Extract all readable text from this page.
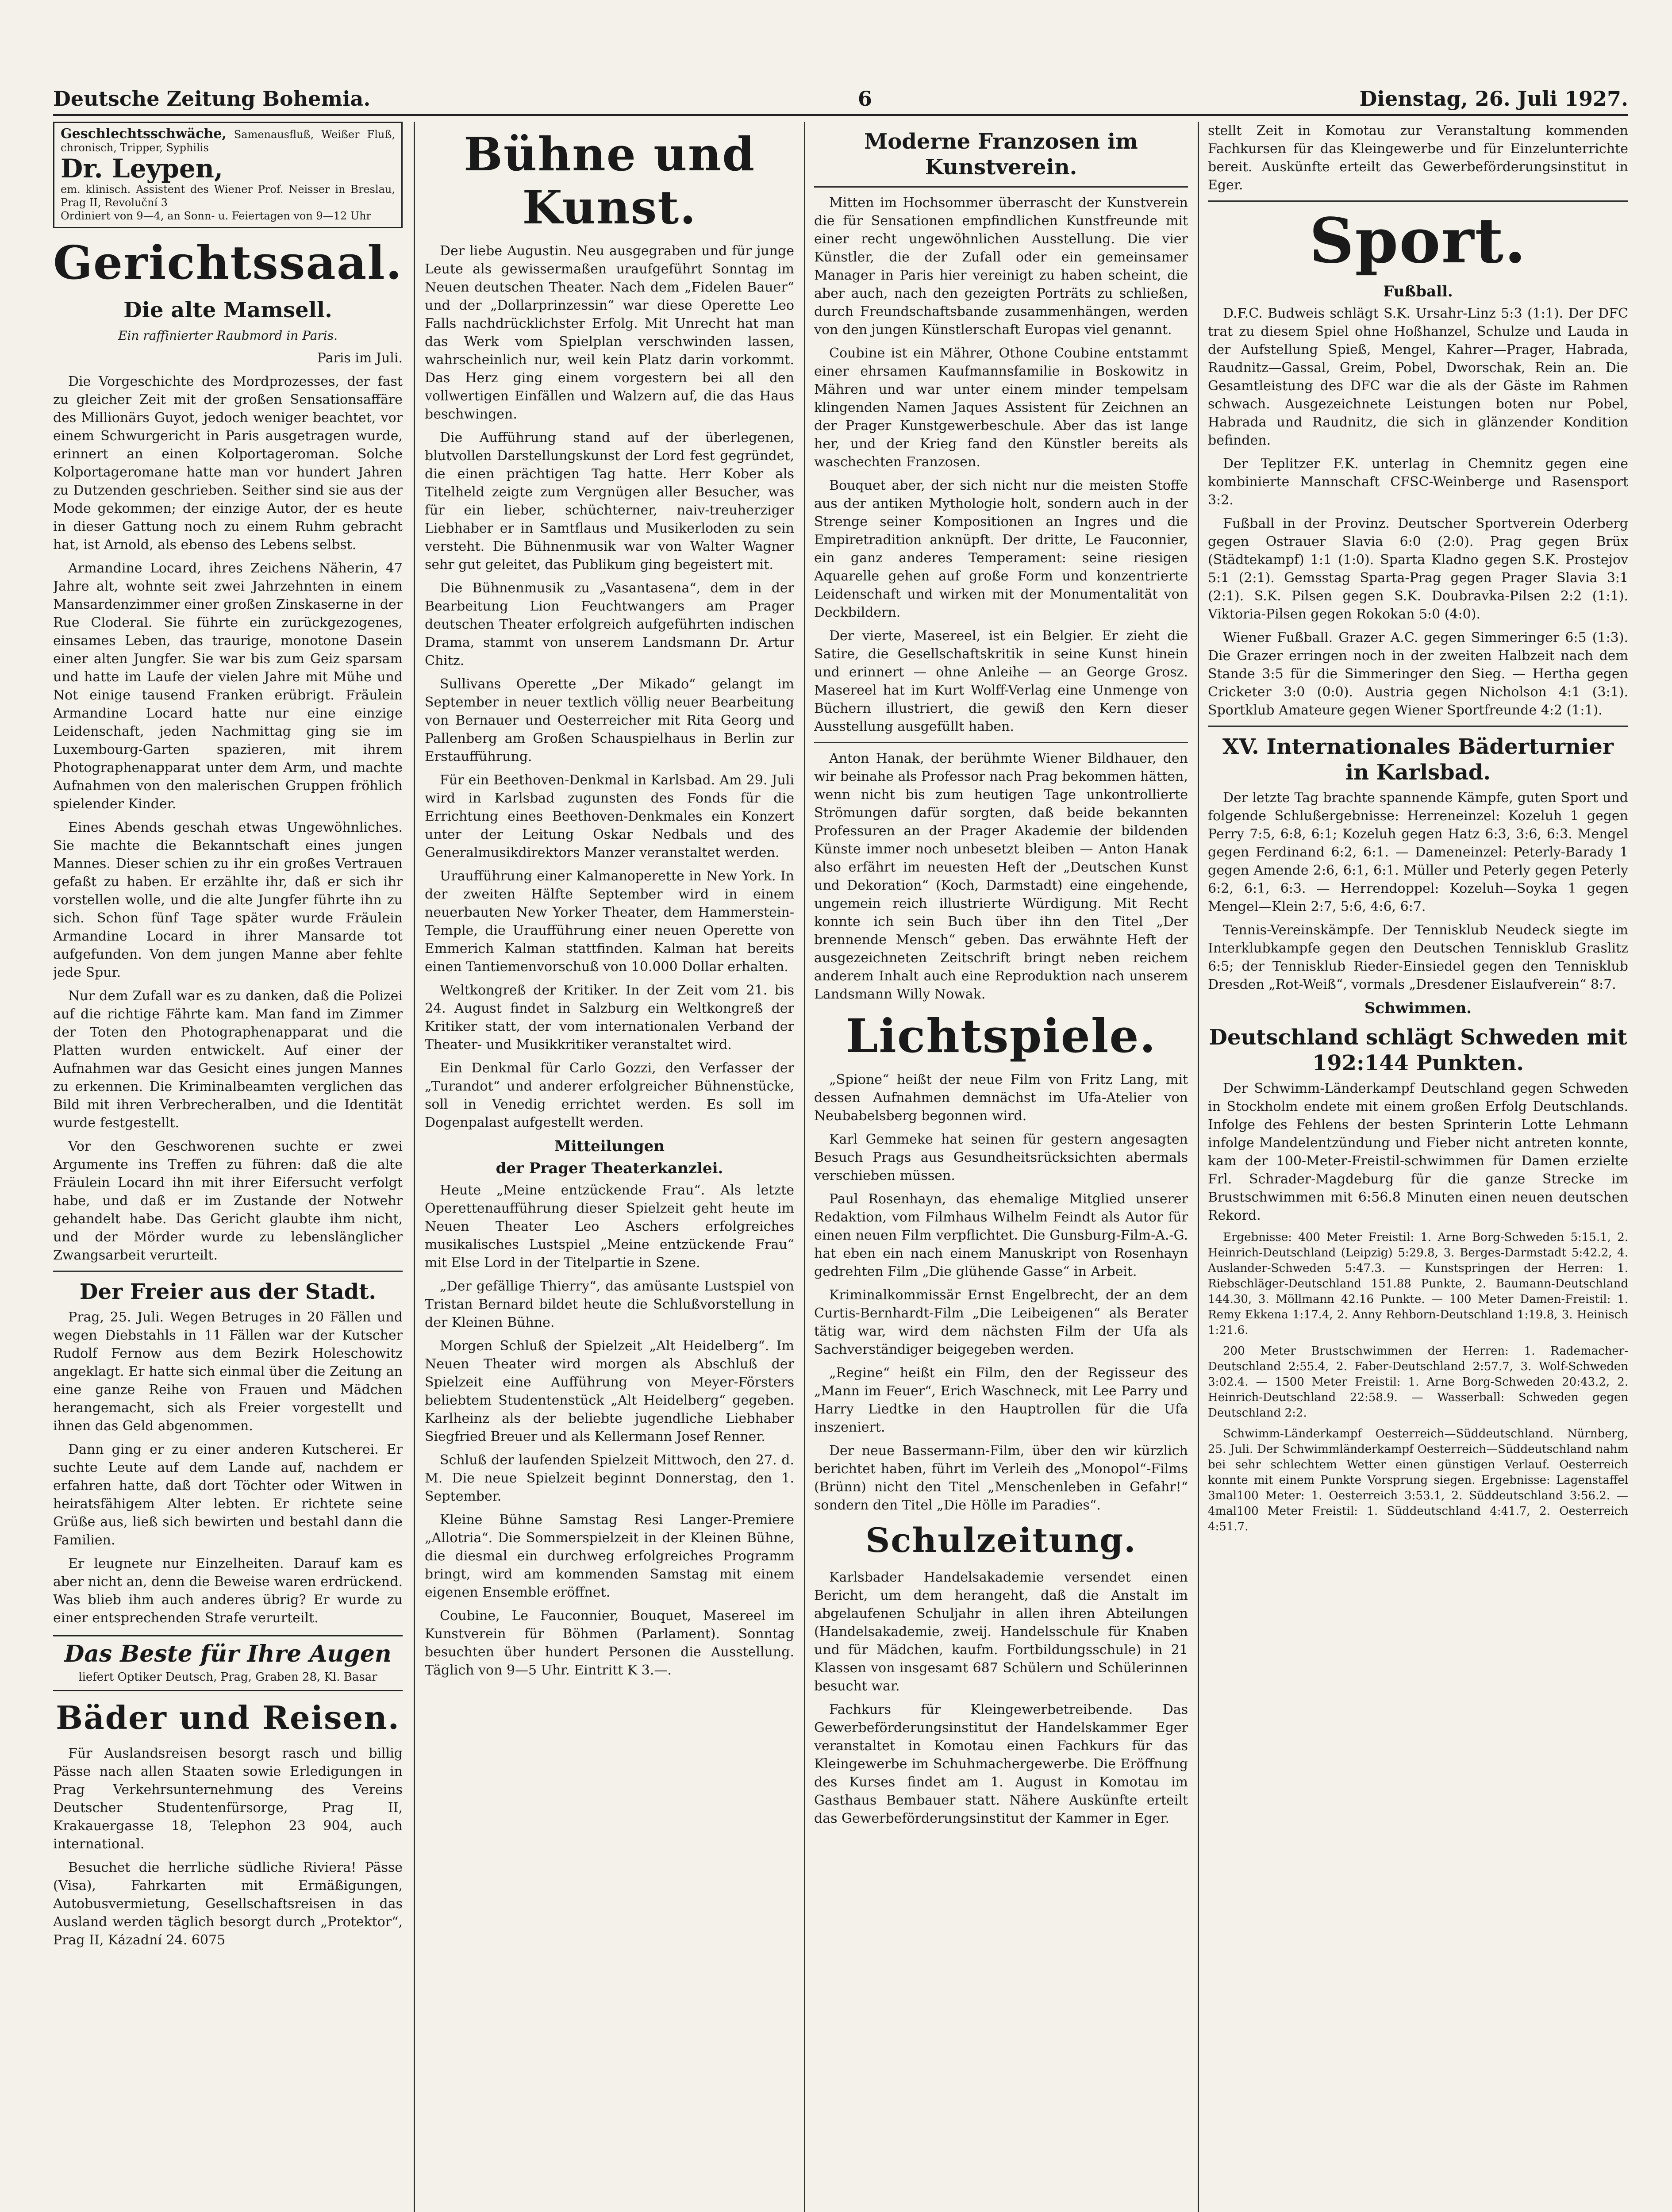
Deutsche Zeitung Bohemia.	6	Dienstag, 26. Juli 1927.
Geschlechtsschwäche, Samenausfluß, Weißer Fluß, chronisch, Tripper, Syphilis
Dr. Leypen,
em. klinisch. Assistent des Wiener Prof. Neisser in Breslau, Prag II, Revoluční 3
Ordiniert von 9—4, an Sonn- u. Feiertagen von 9—12 Uhr
Gerichtssaal.
Die alte Mamsell.
Ein raffinierter Raubmord in Paris.

Paris im Juli.

Die Vorgeschichte des Mordprozesses, der fast zu gleicher Zeit mit der großen Sensationsaffäre des Millionärs Guyot, jedoch weniger beachtet, vor einem Schwurgericht in Paris ausgetragen wurde, erinnert an einen Kolportageroman. Solche Kolportageromane hatte man vor hundert Jahren zu Dutzenden geschrieben. Seither sind sie aus der Mode gekommen; der einzige Autor, der es heute in dieser Gattung noch zu einem Ruhm gebracht hat, ist Arnold, als ebenso des Lebens selbst.

Armandine Locard, ihres Zeichens Näherin, 47 Jahre alt, wohnte seit zwei Jahrzehnten in einem Mansardenzimmer einer großen Zinskaserne in der Rue Cloderal. Sie führte ein zurückgezogenes, einsames Leben, das traurige, monotone Dasein einer alten Jungfer. Sie war bis zum Geiz sparsam und hatte im Laufe der vielen Jahre mit Mühe und Not einige tausend Franken erübrigt. Fräulein Armandine Locard hatte nur eine einzige Leidenschaft, jeden Nachmittag ging sie im Luxembourg-Garten spazieren, mit ihrem Photographenapparat unter dem Arm, und machte Aufnahmen von den malerischen Gruppen fröhlich spielender Kinder.

Eines Abends geschah etwas Ungewöhnliches. Sie machte die Bekanntschaft eines jungen Mannes. Dieser schien zu ihr ein großes Vertrauen gefaßt zu haben. Er erzählte ihr, daß er sich ihr vorstellen wolle, und die alte Jungfer führte ihn zu sich. Schon fünf Tage später wurde Fräulein Armandine Locard in ihrer Mansarde tot aufgefunden. Von dem jungen Manne aber fehlte jede Spur.

Nur dem Zufall war es zu danken, daß die Polizei auf die richtige Fährte kam. Man fand im Zimmer der Toten den Photographenapparat und die Platten wurden entwickelt. Auf einer der Aufnahmen war das Gesicht eines jungen Mannes zu erkennen. Die Kriminalbeamten verglichen das Bild mit ihren Verbrecheralben, und die Identität wurde festgestellt.

Vor den Geschworenen suchte er zwei Argumente ins Treffen zu führen: daß die alte Fräulein Locard ihn mit ihrer Eifersucht verfolgt habe, und daß er im Zustande der Notwehr gehandelt habe. Das Gericht glaubte ihm nicht, und der Mörder wurde zu lebenslänglicher Zwangsarbeit verurteilt.

Der Freier aus der Stadt.

Prag, 25. Juli. Wegen Betruges in 20 Fällen und wegen Diebstahls in 11 Fällen war der Kutscher Rudolf Fernow aus dem Bezirk Holeschowitz angeklagt. Er hatte sich einmal über die Zeitung an eine ganze Reihe von Frauen und Mädchen herangemacht, sich als Freier vorgestellt und ihnen das Geld abgenommen.

Dann ging er zu einer anderen Kutscherei. Er suchte Leute auf dem Lande auf, nachdem er erfahren hatte, daß dort Töchter oder Witwen in heiratsfähigem Alter lebten. Er richtete seine Grüße aus, ließ sich bewirten und bestahl dann die Familien.

Er leugnete nur Einzelheiten. Darauf kam es aber nicht an, denn die Beweise waren erdrückend. Was blieb ihm auch anderes übrig? Er wurde zu einer entsprechenden Strafe verurteilt.

Das Beste für Ihre Augen
liefert Optiker Deutsch, Prag, Graben 28, Kl. Basar
Bäder und Reisen.

Für Auslandsreisen besorgt rasch und billig Pässe nach allen Staaten sowie Erledigungen in Prag Verkehrsunternehmung des Vereins Deutscher Studentenfürsorge, Prag II, Krakauergasse 18, Telephon 23 904, auch international.

Besuchet die herrliche südliche Riviera! Pässe (Visa), Fahrkarten mit Ermäßigungen, Autobusvermietung, Gesellschaftsreisen in das Ausland werden täglich besorgt durch „Protektor“, Prag II, Kázadní 24. 6075

Bühne und Kunst.

Der liebe Augustin. Neu ausgegraben und für junge Leute als gewissermaßen uraufgeführt Sonntag im Neuen deutschen Theater. Nach dem „Fidelen Bauer“ und der „Dollarprinzessin“ war diese Operette Leo Falls nachdrücklichster Erfolg. Mit Unrecht hat man das Werk vom Spielplan verschwinden lassen, wahrscheinlich nur, weil kein Platz darin vorkommt. Das Herz ging einem vorgestern bei all den vollwertigen Einfällen und Walzern auf, die das Haus beschwingen.

Die Aufführung stand auf der überlegenen, blutvollen Darstellungskunst der Lord fest gegründet, die einen prächtigen Tag hatte. Herr Kober als Titelheld zeigte zum Vergnügen aller Besucher, was für ein lieber, schüchterner, naiv-treuherziger Liebhaber er in Samtflaus und Musikerloden zu sein versteht. Die Bühnenmusik war von Walter Wagner sehr gut geleitet, das Publikum ging begeistert mit.

Die Bühnenmusik zu „Vasantasena“, dem in der Bearbeitung Lion Feuchtwangers am Prager deutschen Theater erfolgreich aufgeführten indischen Drama, stammt von unserem Landsmann Dr. Artur Chitz.

Sullivans Operette „Der Mikado“ gelangt im September in neuer textlich völlig neuer Bearbeitung von Bernauer und Oesterreicher mit Rita Georg und Pallenberg am Großen Schauspielhaus in Berlin zur Erstaufführung.

Für ein Beethoven-Denkmal in Karlsbad. Am 29. Juli wird in Karlsbad zugunsten des Fonds für die Errichtung eines Beethoven-Denkmales ein Konzert unter der Leitung Oskar Nedbals und des Generalmusikdirektors Manzer veranstaltet werden.

Uraufführung einer Kalmanoperette in New York. In der zweiten Hälfte September wird in einem neuerbauten New Yorker Theater, dem Hammerstein-Temple, die Uraufführung einer neuen Operette von Emmerich Kalman stattfinden. Kalman hat bereits einen Tantiemenvorschuß von 10.000 Dollar erhalten.

Weltkongreß der Kritiker. In der Zeit vom 21. bis 24. August findet in Salzburg ein Weltkongreß der Kritiker statt, der vom internationalen Verband der Theater- und Musikkritiker veranstaltet wird.

Ein Denkmal für Carlo Gozzi, den Verfasser der „Turandot“ und anderer erfolgreicher Bühnenstücke, soll in Venedig errichtet werden. Es soll im Dogenpalast aufgestellt werden.

Mitteilungen
der Prager Theaterkanzlei.

Heute „Meine entzückende Frau“. Als letzte Operettenaufführung dieser Spielzeit geht heute im Neuen Theater Leo Aschers erfolgreiches musikalisches Lustspiel „Meine entzückende Frau“ mit Else Lord in der Titelpartie in Szene.

„Der gefällige Thierry“, das amüsante Lustspiel von Tristan Bernard bildet heute die Schlußvorstellung in der Kleinen Bühne.

Morgen Schluß der Spielzeit „Alt Heidelberg“. Im Neuen Theater wird morgen als Abschluß der Spielzeit eine Aufführung von Meyer-Försters beliebtem Studentenstück „Alt Heidelberg“ gegeben. Karlheinz als der beliebte jugendliche Liebhaber Siegfried Breuer und als Kellermann Josef Renner.

Schluß der laufenden Spielzeit Mittwoch, den 27. d. M. Die neue Spielzeit beginnt Donnerstag, den 1. September.

Kleine Bühne Samstag Resi Langer-Premiere „Allotria“. Die Sommerspielzeit in der Kleinen Bühne, die diesmal ein durchweg erfolgreiches Programm bringt, wird am kommenden Samstag mit einem eigenen Ensemble eröffnet.

Coubine, Le Fauconnier, Bouquet, Masereel im Kunstverein für Böhmen (Parlament). Sonntag besuchten über hundert Personen die Ausstellung. Täglich von 9—5 Uhr. Eintritt K 3.—.

Moderne Franzosen im Kunstverein.

Mitten im Hochsommer überrascht der Kunstverein die für Sensationen empfindlichen Kunstfreunde mit einer recht ungewöhnlichen Ausstellung. Die vier Künstler, die der Zufall oder ein gemeinsamer Manager in Paris hier vereinigt zu haben scheint, die aber auch, nach den gezeigten Porträts zu schließen, durch Freundschaftsbande zusammenhängen, werden von den jungen Künstlerschaft Europas viel genannt.

Coubine ist ein Mährer, Othone Coubine entstammt einer ehrsamen Kaufmannsfamilie in Boskowitz in Mähren und war unter einem minder tempelsam klingenden Namen Jaques Assistent für Zeichnen an der Prager Kunstgewerbeschule. Aber das ist lange her, und der Krieg fand den Künstler bereits als waschechten Franzosen.

Bouquet aber, der sich nicht nur die meisten Stoffe aus der antiken Mythologie holt, sondern auch in der Strenge seiner Kompositionen an Ingres und die Empiretradition anknüpft. Der dritte, Le Fauconnier, ein ganz anderes Temperament: seine riesigen Aquarelle gehen auf große Form und konzentrierte Leidenschaft und wirken mit der Monumentalität von Deckbildern.

Der vierte, Masereel, ist ein Belgier. Er zieht die Satire, die Gesellschaftskritik in seine Kunst hinein und erinnert — ohne Anleihe — an George Grosz. Masereel hat im Kurt Wolff-Verlag eine Unmenge von Büchern illustriert, die gewiß den Kern dieser Ausstellung ausgefüllt haben.

Anton Hanak, der berühmte Wiener Bildhauer, den wir beinahe als Professor nach Prag bekommen hätten, wenn nicht bis zum heutigen Tage unkontrollierte Strömungen dafür sorgten, daß beide bekannten Professuren an der Prager Akademie der bildenden Künste immer noch unbesetzt bleiben — Anton Hanak also erfährt im neuesten Heft der „Deutschen Kunst und Dekoration“ (Koch, Darmstadt) eine eingehende, ungemein reich illustrierte Würdigung. Mit Recht konnte ich sein Buch über ihn den Titel „Der brennende Mensch“ geben. Das erwähnte Heft der ausgezeichneten Zeitschrift bringt neben reichem anderem Inhalt auch eine Reproduktion nach unserem Landsmann Willy Nowak.

Lichtspiele.

„Spione“ heißt der neue Film von Fritz Lang, mit dessen Aufnahmen demnächst im Ufa-Atelier von Neubabelsberg begonnen wird.

Karl Gemmeke hat seinen für gestern angesagten Besuch Prags aus Gesundheitsrücksichten abermals verschieben müssen.

Paul Rosenhayn, das ehemalige Mitglied unserer Redaktion, vom Filmhaus Wilhelm Feindt als Autor für einen neuen Film verpflichtet. Die Gunsburg-Film-A.-G. hat eben ein nach einem Manuskript von Rosenhayn gedrehten Film „Die glühende Gasse“ in Arbeit.

Kriminalkommissär Ernst Engelbrecht, der an dem Curtis-Bernhardt-Film „Die Leibeigenen“ als Berater tätig war, wird dem nächsten Film der Ufa als Sachverständiger beigegeben werden.

„Regine“ heißt ein Film, den der Regisseur des „Mann im Feuer“, Erich Waschneck, mit Lee Parry und Harry Liedtke in den Hauptrollen für die Ufa inszeniert.

Der neue Bassermann-Film, über den wir kürzlich berichtet haben, führt im Verleih des „Monopol“-Films (Brünn) nicht den Titel „Menschenleben in Gefahr!“ sondern den Titel „Die Hölle im Paradies“.

Schulzeitung.

Karlsbader Handelsakademie versendet einen Bericht, um dem herangeht, daß die Anstalt im abgelaufenen Schuljahr in allen ihren Abteilungen (Handelsakademie, zweij. Handelsschule für Knaben und für Mädchen, kaufm. Fortbildungsschule) in 21 Klassen von insgesamt 687 Schülern und Schülerinnen besucht war.

Fachkurs für Kleingewerbetreibende. Das Gewerbeförderungsinstitut der Handelskammer Eger veranstaltet in Komotau einen Fachkurs für das Kleingewerbe im Schuhmachergewerbe. Die Eröffnung des Kurses findet am 1. August in Komotau im Gasthaus Bembauer statt. Nähere Auskünfte erteilt das Gewerbeförderungsinstitut der Kammer in Eger.

stellt Zeit in Komotau zur Veranstaltung kommenden Fachkursen für das Kleingewerbe und für Einzelunterrichte bereit. Auskünfte erteilt das Gewerbeförderungsinstitut in Eger.

Sport.
Fußball.

D.F.C. Budweis schlägt S.K. Ursahr-Linz 5:3 (1:1). Der DFC trat zu diesem Spiel ohne Hoßhanzel, Schulze und Lauda in der Aufstellung Spieß, Mengel, Kahrer—Prager, Habrada, Raudnitz—Gassal, Greim, Pobel, Dworschak, Rein an. Die Gesamtleistung des DFC war die als der Gäste im Rahmen schwach. Ausgezeichnete Leistungen boten nur Pobel, Habrada und Raudnitz, die sich in glänzender Kondition befinden.

Der Teplitzer F.K. unterlag in Chemnitz gegen eine kombinierte Mannschaft CFSC-Weinberge und Rasensport 3:2.

Fußball in der Provinz. Deutscher Sportverein Oderberg gegen Ostrauer Slavia 6:0 (2:0). Prag gegen Brüx (Städtekampf) 1:1 (1:0). Sparta Kladno gegen S.K. Prostejov 5:1 (2:1). Gemsstag Sparta-Prag gegen Prager Slavia 3:1 (2:1). S.K. Pilsen gegen S.K. Doubravka-Pilsen 2:2 (1:1). Viktoria-Pilsen gegen Rokokan 5:0 (4:0).

Wiener Fußball. Grazer A.C. gegen Simmeringer 6:5 (1:3). Die Grazer erringen noch in der zweiten Halbzeit nach dem Stande 3:5 für die Simmeringer den Sieg. — Hertha gegen Cricketer 3:0 (0:0). Austria gegen Nicholson 4:1 (3:1). Sportklub Amateure gegen Wiener Sportfreunde 4:2 (1:1).

XV. Internationales Bäderturnier in Karlsbad.

Der letzte Tag brachte spannende Kämpfe, guten Sport und folgende Schlußergebnisse: Herreneinzel: Kozeluh 1 gegen Perry 7:5, 6:8, 6:1; Kozeluh gegen Hatz 6:3, 3:6, 6:3. Mengel gegen Ferdinand 6:2, 6:1. — Dameneinzel: Peterly-Barady 1 gegen Amende 2:6, 6:1, 6:1. Müller und Peterly gegen Peterly 6:2, 6:1, 6:3. — Herrendoppel: Kozeluh—Soyka 1 gegen Mengel—Klein 2:7, 5:6, 4:6, 6:7.

Tennis-Vereinskämpfe. Der Tennisklub Neudeck siegte im Interklubkampfe gegen den Deutschen Tennisklub Graslitz 6:5; der Tennisklub Rieder-Einsiedel gegen den Tennisklub Dresden „Rot-Weiß“, vormals „Dresdener Eislaufverein“ 8:7.

Schwimmen.
Deutschland schlägt Schweden mit 192:144 Punkten.

Der Schwimm-Länderkampf Deutschland gegen Schweden in Stockholm endete mit einem großen Erfolg Deutschlands. Infolge des Fehlens der besten Sprinterin Lotte Lehmann infolge Mandelentzündung und Fieber nicht antreten konnte, kam der 100-Meter-Freistil-schwimmen für Damen erzielte Frl. Schrader-Magdeburg für die ganze Strecke im Brustschwimmen mit 6:56.8 Minuten einen neuen deutschen Rekord.

Ergebnisse: 400 Meter Freistil: 1. Arne Borg-Schweden 5:15.1, 2. Heinrich-Deutschland (Leipzig) 5:29.8, 3. Berges-Darmstadt 5:42.2, 4. Auslander-Schweden 5:47.3. — Kunstspringen der Herren: 1. Riebschläger-Deutschland 151.88 Punkte, 2. Baumann-Deutschland 144.30, 3. Möllmann 42.16 Punkte. — 100 Meter Damen-Freistil: 1. Remy Ekkena 1:17.4, 2. Anny Rehborn-Deutschland 1:19.8, 3. Heinisch 1:21.6.

200 Meter Brustschwimmen der Herren: 1. Rademacher-Deutschland 2:55.4, 2. Faber-Deutschland 2:57.7, 3. Wolf-Schweden 3:02.4. — 1500 Meter Freistil: 1. Arne Borg-Schweden 20:43.2, 2. Heinrich-Deutschland 22:58.9. — Wasserball: Schweden gegen Deutschland 2:2.

Schwimm-Länderkampf Oesterreich—Süddeutschland. Nürnberg, 25. Juli. Der Schwimmländerkampf Oesterreich—Süddeutschland nahm bei sehr schlechtem Wetter einen günstigen Verlauf. Oesterreich konnte mit einem Punkte Vorsprung siegen. Ergebnisse: Lagenstaffel 3mal100 Meter: 1. Oesterreich 3:53.1, 2. Süddeutschland 3:56.2. — 4mal100 Meter Freistil: 1. Süddeutschland 4:41.7, 2. Oesterreich 4:51.7.
